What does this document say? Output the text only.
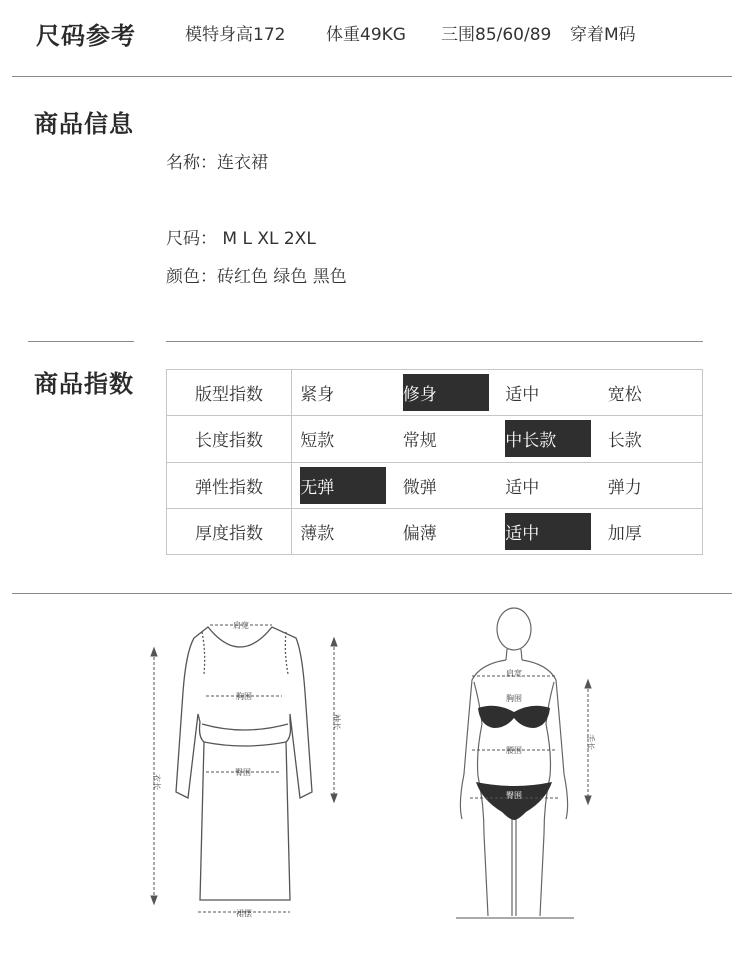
尺码参考	模特身高172 体重49KG 三围85/60/89 穿着M码
商品信息
名称：连衣裙
尺码： M L XL 2XL
颜色：砖红色 绿色 黑色
商品指数	版型指数	紧身 修身 适中 宽松

长度指数	短款 常规 中长款 长款

弹性指数	无弹 微弹 适中 弹力

厚度指数	薄款 偏薄 适中 加厚
肩宽
胸围
臀围
裙摆
衣长
袖长
肩宽
胸围
腰围
臀围
手长
